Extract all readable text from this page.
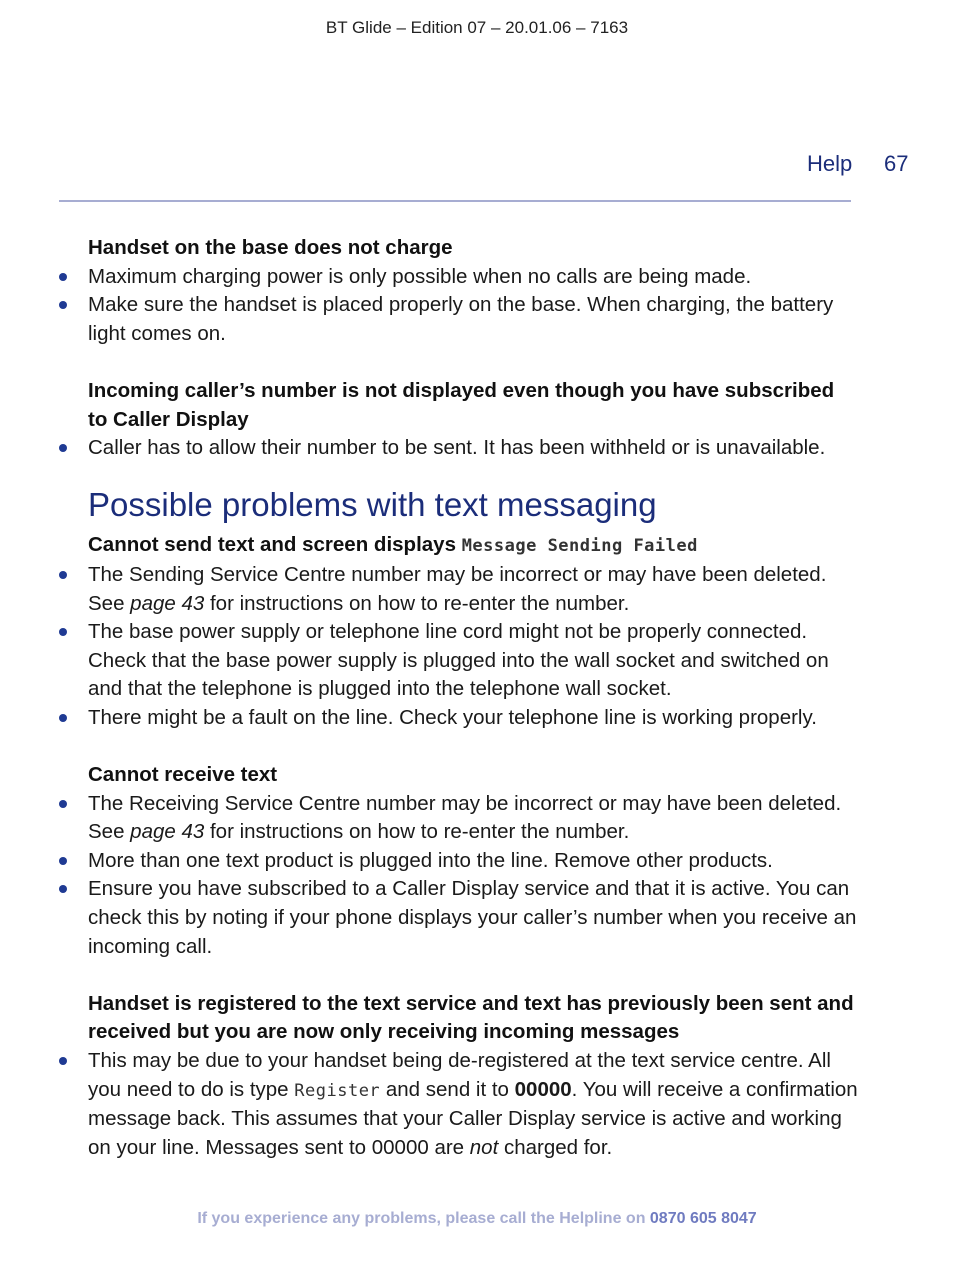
BT Glide – Edition 07 – 20.01.06 – 7163
Help 67
Handset on the base does not charge
Maximum charging power is only possible when no calls are being made.
Make sure the handset is placed properly on the base. When charging, the battery light comes on.
Incoming caller’s number is not displayed even though you have subscribed to Caller Display
Caller has to allow their number to be sent. It has been withheld or is unavailable.
Possible problems with text messaging
Cannot send text and screen displays Message Sending Failed
The Sending Service Centre number may be incorrect or may have been deleted. See page 43 for instructions on how to re-enter the number.
The base power supply or telephone line cord might not be properly connected. Check that the base power supply is plugged into the wall socket and switched on and that the telephone is plugged into the telephone wall socket.
There might be a fault on the line. Check your telephone line is working properly.
Cannot receive text
The Receiving Service Centre number may be incorrect or may have been deleted. See page 43 for instructions on how to re-enter the number.
More than one text product is plugged into the line. Remove other products.
Ensure you have subscribed to a Caller Display service and that it is active. You can check this by noting if your phone displays your caller’s number when you receive an incoming call.
Handset is registered to the text service and text has previously been sent and received but you are now only receiving incoming messages
This may be due to your handset being de-registered at the text service centre. All you need to do is type Register and send it to 00000. You will receive a confirmation message back. This assumes that your Caller Display service is active and working on your line. Messages sent to 00000 are not charged for.
If you experience any problems, please call the Helpline on 0870 605 8047
